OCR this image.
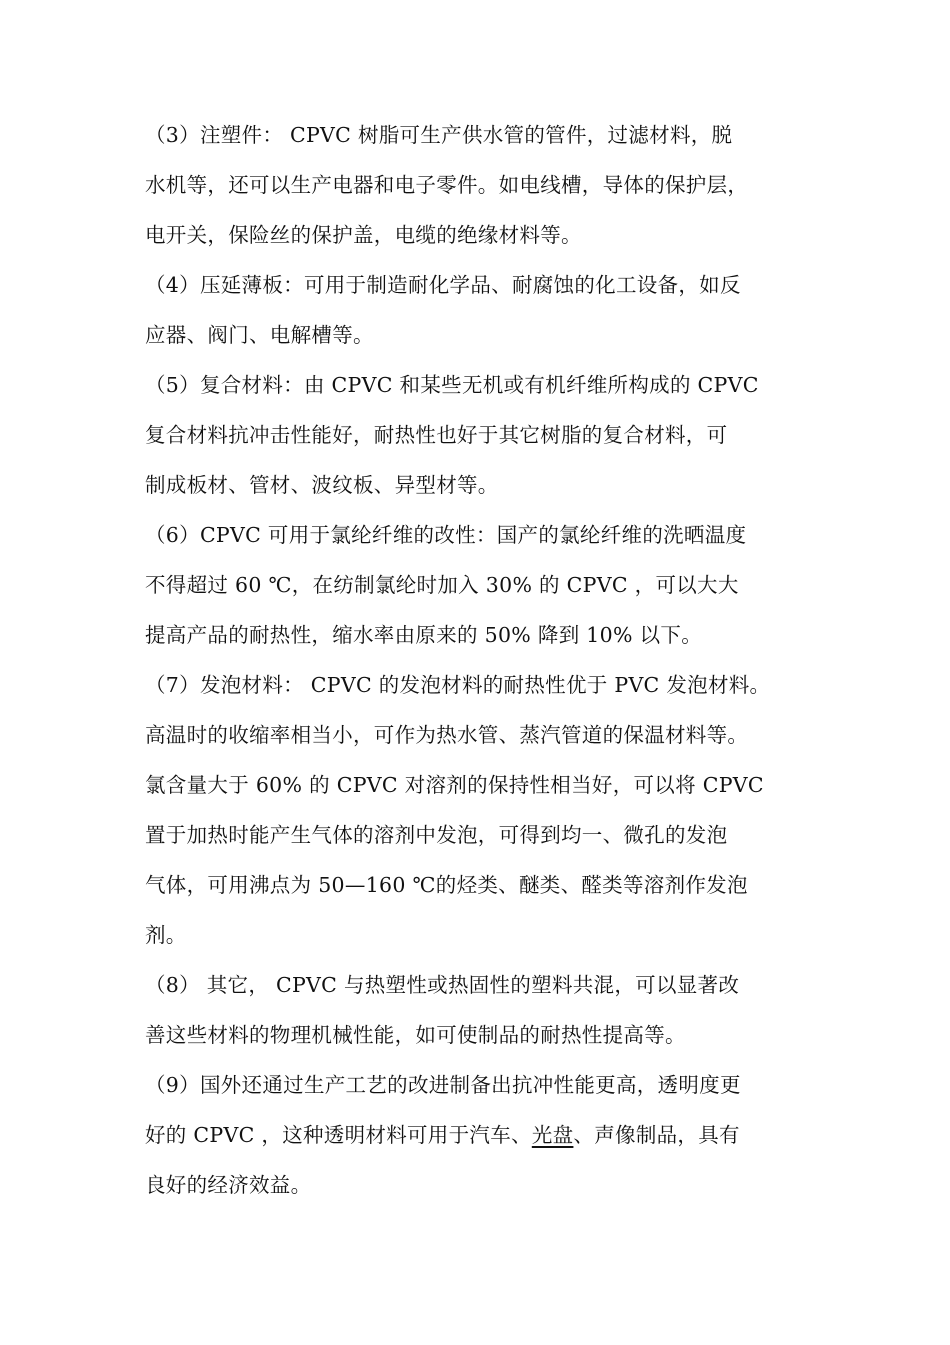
（3）注塑件： CPVC 树脂可生产供水管的管件，过滤材料，脱
水机等，还可以生产电器和电子零件。如电线槽，导体的保护层，
电开关，保险丝的保护盖，电缆的绝缘材料等。
（4）压延薄板：可用于制造耐化学品、耐腐蚀的化工设备，如反
应器、阀门、电解槽等。
（5）复合材料：由 CPVC 和某些无机或有机纤维所构成的 CPVC
复合材料抗冲击性能好，耐热性也好于其它树脂的复合材料，可
制成板材、管材、波纹板、异型材等。
（6）CPVC 可用于氯纶纤维的改性：国产的氯纶纤维的洗晒温度
不得超过 60 ℃，在纺制氯纶时加入 30% 的 CPVC ，可以大大
提高产品的耐热性，缩水率由原来的 50% 降到 10% 以下。
（7）发泡材料： CPVC 的发泡材料的耐热性优于 PVC 发泡材料。
高温时的收缩率相当小，可作为热水管、蒸汽管道的保温材料等。
氯含量大于 60% 的 CPVC 对溶剂的保持性相当好，可以将 CPVC
置于加热时能产生气体的溶剂中发泡，可得到均一、微孔的发泡
气体，可用沸点为 50—160 ℃的烃类、醚类、醛类等溶剂作发泡
剂。
（8） 其它， CPVC 与热塑性或热固性的塑料共混，可以显著改
善这些材料的物理机械性能，如可使制品的耐热性提高等。
（9）国外还通过生产工艺的改进制备出抗冲性能更高，透明度更
好的 CPVC ，这种透明材料可用于汽车、光盘、声像制品，具有
良好的经济效益。
